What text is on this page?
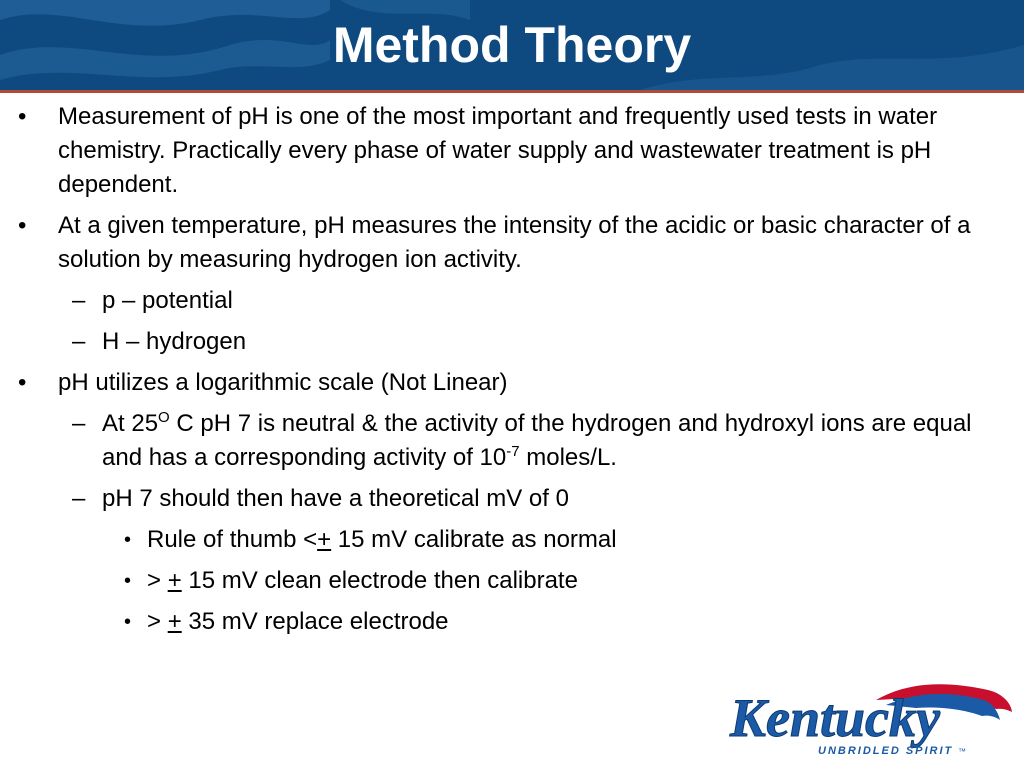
Method Theory
• Measurement of pH is one of the most important and frequently used tests in water chemistry. Practically every phase of water supply and wastewater treatment is pH dependent.
• At a given temperature, pH measures the intensity of the acidic or basic character of a solution by measuring hydrogen ion activity.
– p – potential
– H – hydrogen
• pH utilizes a logarithmic scale (Not Linear)
– At $25^O$ C pH 7 is neutral & the activity of the hydrogen and hydroxyl ions are equal and has a corresponding activity of $10^{-7}$ moles/L.
– pH 7 should then have a theoretical mV of 0
• Rule of thumb <+ 15 mV calibrate as normal
• > + 15 mV clean electrode then calibrate
• > + 35 mV replace electrode
Kentucky
UNBRIDLED SPIRIT ™
